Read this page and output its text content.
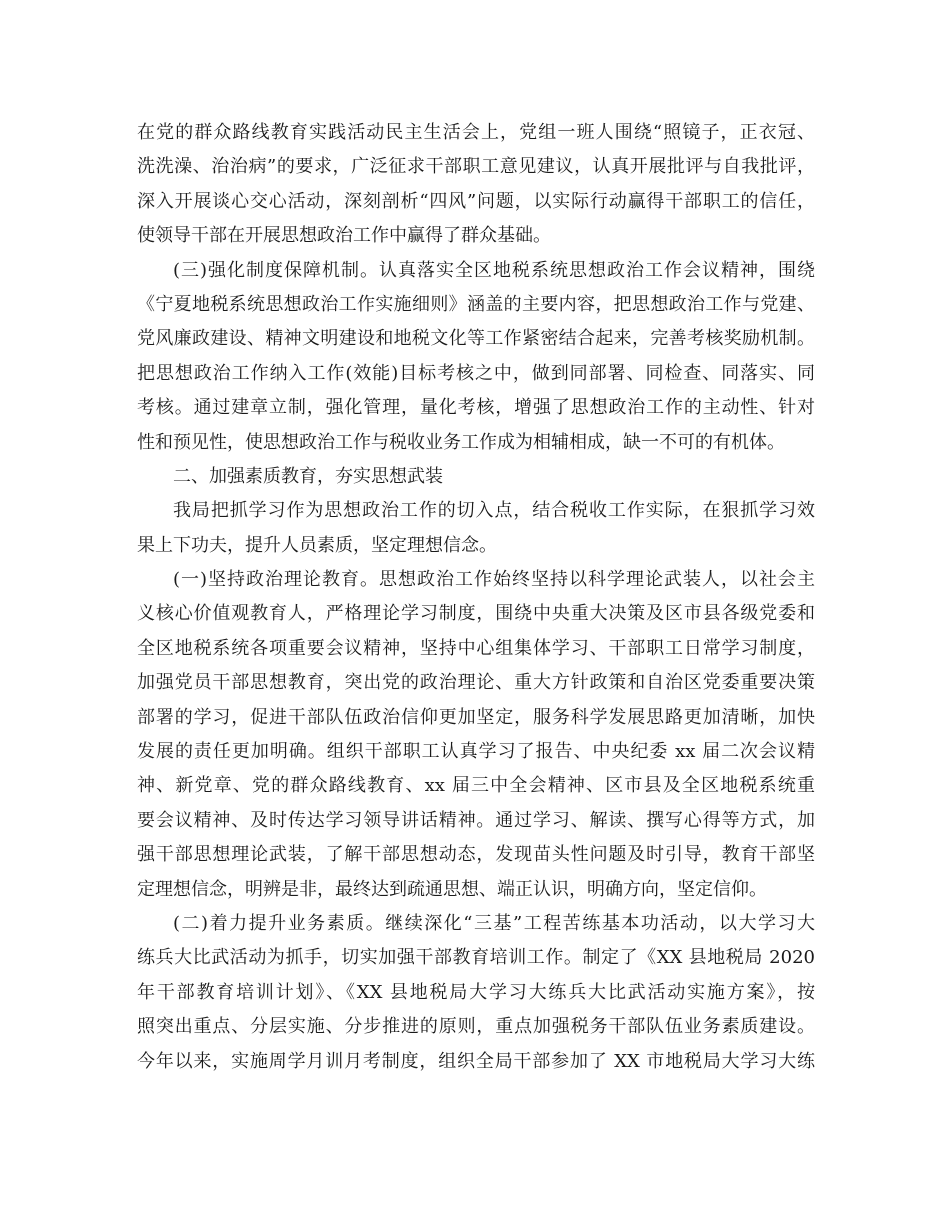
在党的群众路线教育实践活动民主生活会上，党组一班人围绕“照镜子，正衣冠、
洗洗澡、治治病”的要求，广泛征求干部职工意见建议，认真开展批评与自我批评，
深入开展谈心交心活动，深刻剖析“四风”问题，以实际行动赢得干部职工的信任，
使领导干部在开展思想政治工作中赢得了群众基础。
(三)强化制度保障机制。认真落实全区地税系统思想政治工作会议精神，围绕
《宁夏地税系统思想政治工作实施细则》涵盖的主要内容，把思想政治工作与党建、
党风廉政建设、精神文明建设和地税文化等工作紧密结合起来，完善考核奖励机制。
把思想政治工作纳入工作(效能)目标考核之中，做到同部署、同检查、同落实、同
考核。通过建章立制，强化管理，量化考核，增强了思想政治工作的主动性、针对
性和预见性，使思想政治工作与税收业务工作成为相辅相成，缺一不可的有机体。
二、加强素质教育，夯实思想武装
我局把抓学习作为思想政治工作的切入点，结合税收工作实际，在狠抓学习效
果上下功夫，提升人员素质，坚定理想信念。
(一)坚持政治理论教育。思想政治工作始终坚持以科学理论武装人，以社会主
义核心价值观教育人，严格理论学习制度，围绕中央重大决策及区市县各级党委和
全区地税系统各项重要会议精神，坚持中心组集体学习、干部职工日常学习制度，
加强党员干部思想教育，突出党的政治理论、重大方针政策和自治区党委重要决策
部署的学习，促进干部队伍政治信仰更加坚定，服务科学发展思路更加清晰，加快
发展的责任更加明确。组织干部职工认真学习了报告、中央纪委 xx 届二次会议精
神、新党章、党的群众路线教育、xx 届三中全会精神、区市县及全区地税系统重
要会议精神、及时传达学习领导讲话精神。通过学习、解读、撰写心得等方式，加
强干部思想理论武装，了解干部思想动态，发现苗头性问题及时引导，教育干部坚
定理想信念，明辨是非，最终达到疏通思想、端正认识，明确方向，坚定信仰。
(二)着力提升业务素质。继续深化“三基”工程苦练基本功活动，以大学习大
练兵大比武活动为抓手，切实加强干部教育培训工作。制定了《XX 县地税局 2020
年干部教育培训计划》、《XX 县地税局大学习大练兵大比武活动实施方案》，按
照突出重点、分层实施、分步推进的原则，重点加强税务干部队伍业务素质建设。
今年以来，实施周学月训月考制度，组织全局干部参加了 XX 市地税局大学习大练
